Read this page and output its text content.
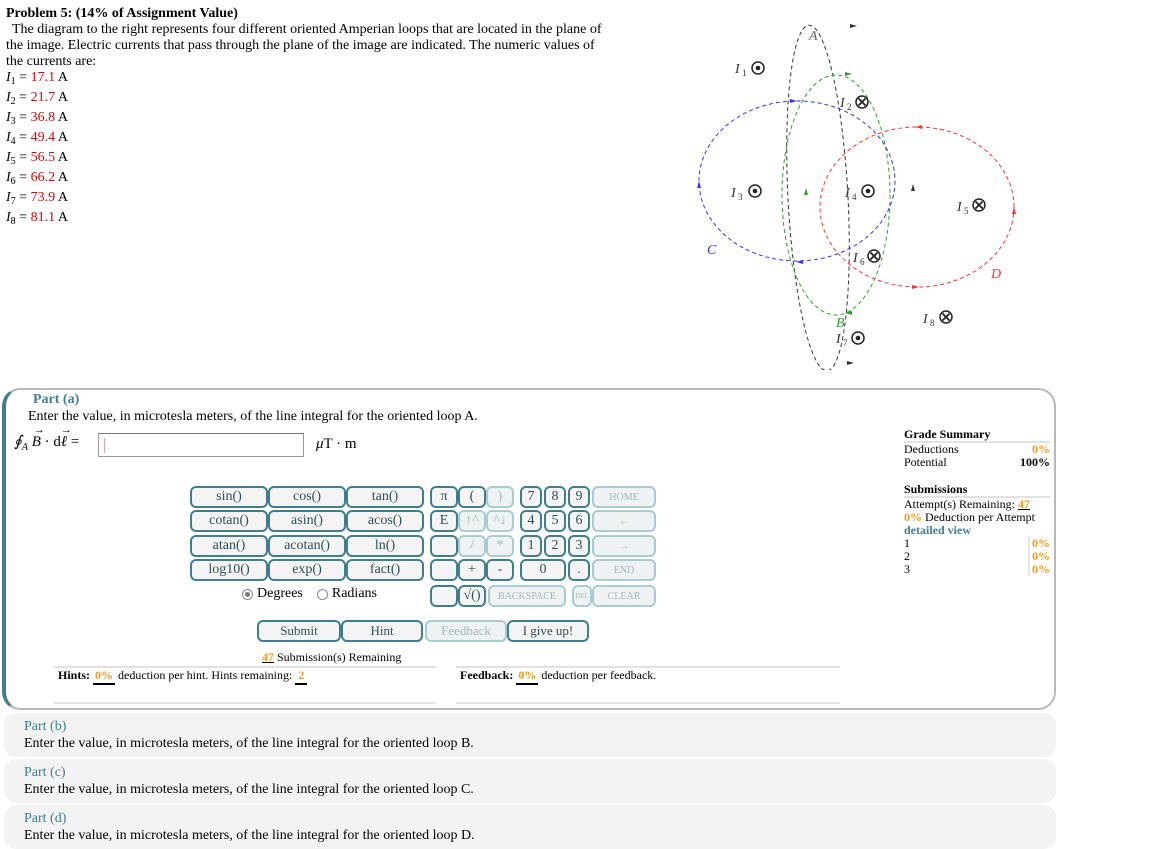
Problem 5: (14% of Assignment Value)
The diagram to the right represents four different oriented Amperian loops that are located in the plane of
the image. Electric currents that pass through the plane of the image are indicated. The numeric values of
the currents are:
$I_1 = 17.1$ A
$I_2 = 21.7$ A
$I_3 = 36.8$ A
$I_4 = 49.4$ A
$I_5 = 56.5$ A
$I_6 = 66.2$ A
$I_7 = 73.9$ A
$I_8 = 81.1$ A
A
B
C
D
I 1
I 2
I 3	I 4
I 5
I 6
I 7
I 8
Part (a)
Enter the value, in microtesla meters, of the line integral for the oriented loop A.
$∮_A$ B
→
· dℓ
→
=	μT · m
sin()	cos()	tan()
cotan()	asin()	acos()
atan()	acotan()	ln()
log10()	exp()	fact()
Degrees Radians
π	(	)
E	↑^	^↓
/	*
+	-
√()
7	8	9
4	5	6
1	2	3
0	.
HOME
←
→
END
BACKSPACE	DEL	CLEAR
Submit	Hint	Feedback	I give up!
47 Submission(s) Remaining
Hints: 0% deduction per hint. Hints remaining: 2	Feedback: 0% deduction per feedback.
Grade Summary
Deductions	0%
Potential	100%
Submissions
Attempt(s) Remaining: 47
0% Deduction per Attempt
detailed view
1	0%
2	0%
3	0%
Part (b)
Enter the value, in microtesla meters, of the line integral for the oriented loop B.
Part (c)
Enter the value, in microtesla meters, of the line integral for the oriented loop C.
Part (d)
Enter the value, in microtesla meters, of the line integral for the oriented loop D.
